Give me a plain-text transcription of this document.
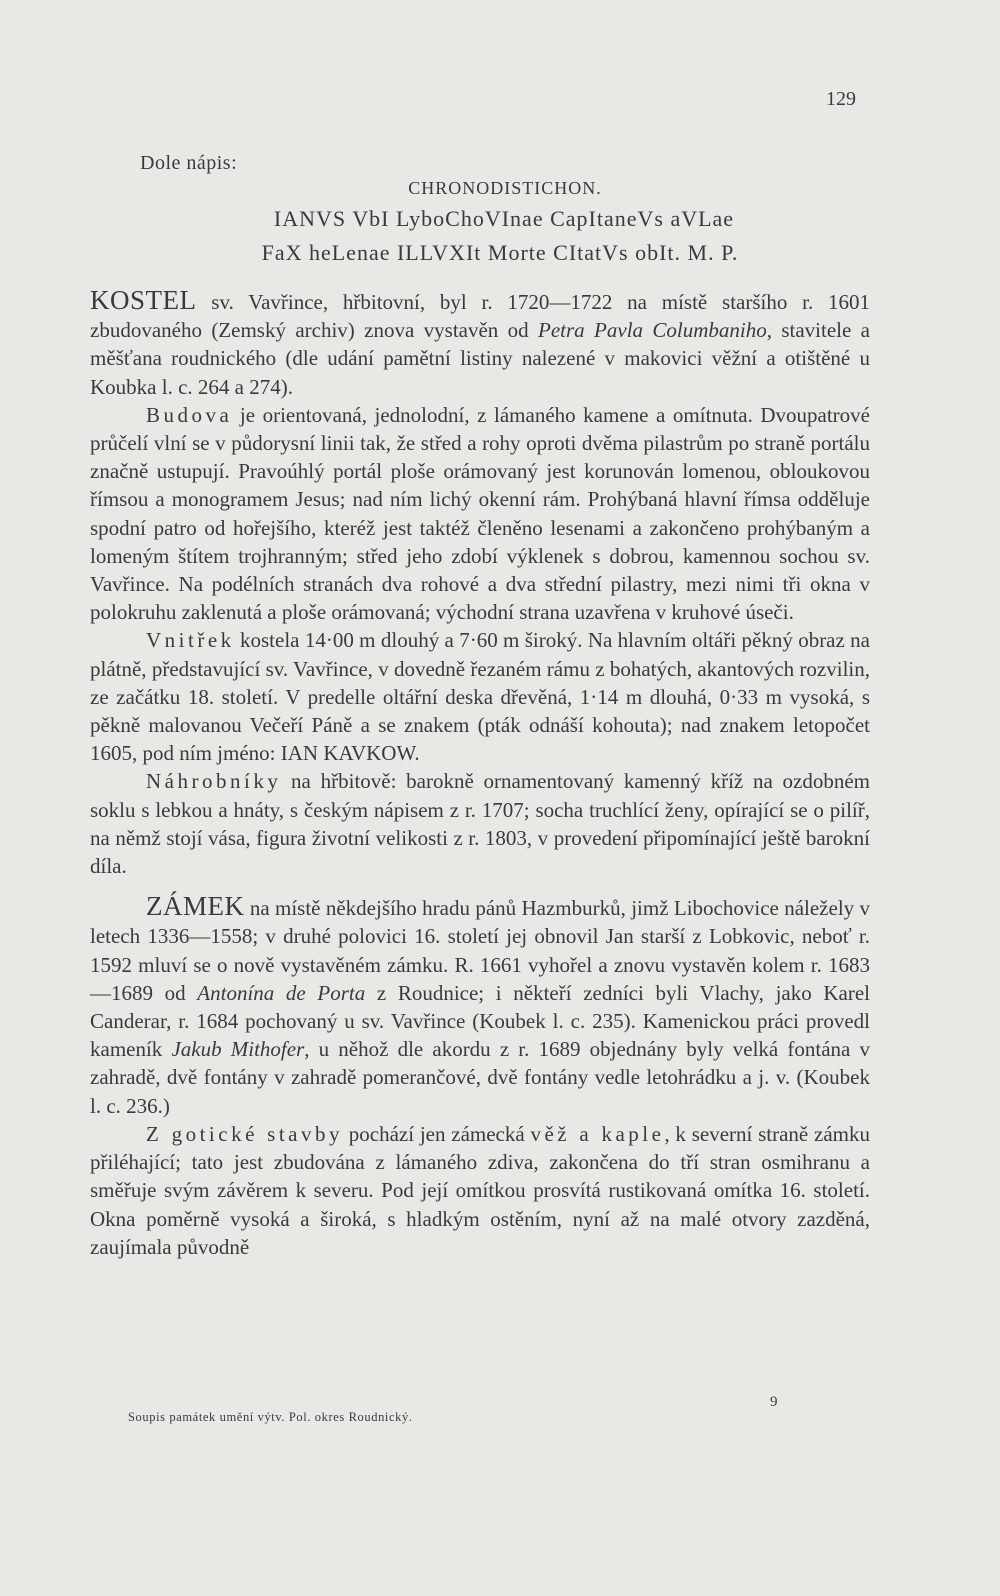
129
Dole nápis:
CHRONODISTICHON.
IANVS VbI LyboChoVInae CapItaneVs aVLae
FaX heLenae ILLVXIt Morte CItatVs obIt. M. P.

KOSTEL sv. Vavřince, hřbitovní, byl r. 1720—1722 na místě staršího r. 1601 zbudovaného (Zemský archiv) znova vystavěn od Petra Pavla Columbaniho, stavitele a měšťana roudnického (dle udání pamětní listiny nalezené v makovici věžní a otištěné u Koubka l. c. 264 a 274).

Budova je orientovaná, jednolodní, z lámaného kamene a omítnuta. Dvoupatrové průčelí vlní se v půdorysní linii tak, že střed a rohy oproti dvěma pilastrům po straně portálu značně ustupují. Pravoúhlý portál ploše orámovaný jest korunován lomenou, obloukovou římsou a monogramem Jesus; nad ním lichý okenní rám. Prohýbaná hlavní římsa odděluje spodní patro od hořejšího, kteréž jest taktéž členěno lesenami a zakončeno prohýbaným a lomeným štítem trojhranným; střed jeho zdobí výklenek s dobrou, kamennou sochou sv. Vavřince. Na podélních stranách dva rohové a dva střední pilastry, mezi nimi tři okna v polokruhu zaklenutá a ploše orámovaná; východní strana uzavřena v kruhové úseči.

Vnitřek kostela 14·00 m dlouhý a 7·60 m široký. Na hlavním oltáři pěkný obraz na plátně, představující sv. Vavřince, v dovedně řezaném rámu z bohatých, akantových rozvilin, ze začátku 18. století. V predelle oltářní deska dřevěná, 1·14 m dlouhá, 0·33 m vysoká, s pěkně malovanou Večeří Páně a se znakem (pták odnáší kohouta); nad znakem letopočet 1605, pod ním jméno: IAN KAVKOW.

Náhrobníky na hřbitově: barokně ornamentovaný kamenný kříž na ozdobném soklu s lebkou a hnáty, s českým nápisem z r. 1707; socha truchlící ženy, opírající se o pilíř, na němž stojí vása, figura životní velikosti z r. 1803, v provedení připomínající ještě barokní díla.

ZÁMEK na místě někdejšího hradu pánů Hazmburků, jimž Libochovice náležely v letech 1336—1558; v druhé polovici 16. století jej obnovil Jan starší z Lobkovic, neboť r. 1592 mluví se o nově vystavěném zámku. R. 1661 vyhořel a znovu vystavěn kolem r. 1683—1689 od Antonína de Porta z Roudnice; i někteří zedníci byli Vlachy, jako Karel Canderar, r. 1684 pochovaný u sv. Vavřince (Koubek l. c. 235). Kamenickou práci provedl kameník Jakub Mithofer, u něhož dle akordu z r. 1689 objednány byly velká fontána v zahradě, dvě fontány v zahradě pomerančové, dvě fontány vedle letohrádku a j. v. (Koubek l. c. 236.)

Z gotické stavby pochází jen zámecká věž a kaple, k severní straně zámku přiléhající; tato jest zbudována z lámaného zdiva, zakončena do tří stran osmihranu a směřuje svým závěrem k severu. Pod její omítkou prosvítá rustikovaná omítka 16. století. Okna poměrně vysoká a široká, s hladkým ostěním, nyní až na malé otvory zazděná, zaujímala původně

9
Soupis památek umění výtv. Pol. okres Roudnický.
